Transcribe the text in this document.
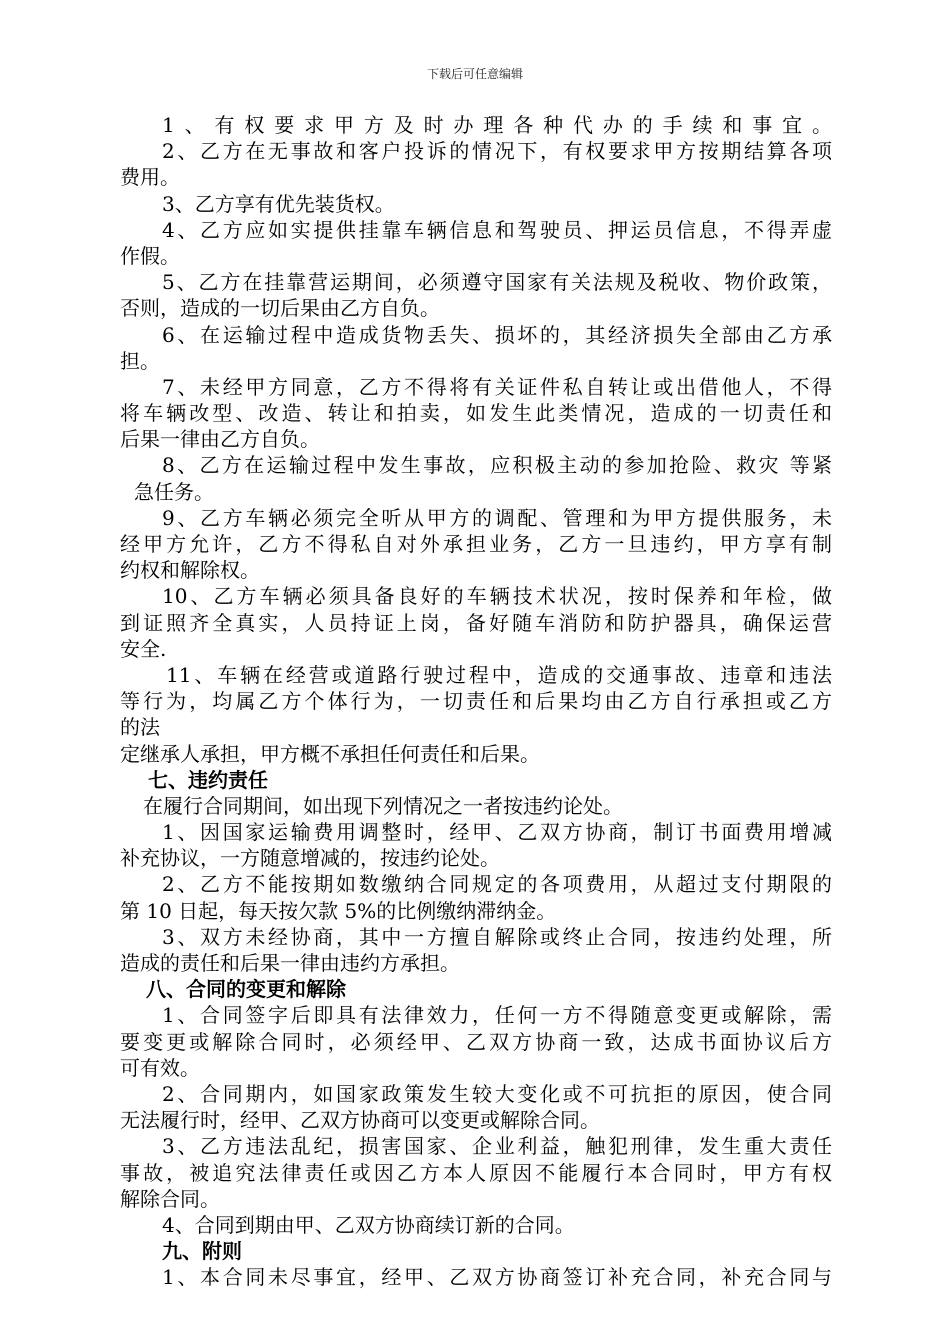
下载后可任意编辑
1、有权要求甲方及时办理各种代办的手续和事宜。
2、乙方在无事故和客户投诉的情况下，有权要求甲方按期结算各项
费用。
3、乙方享有优先装货权。
4、乙方应如实提供挂靠车辆信息和驾驶员、押运员信息，不得弄虚
作假。
5、乙方在挂靠营运期间，必须遵守国家有关法规及税收、物价政策，
否则，造成的一切后果由乙方自负。
6、在运输过程中造成货物丢失、损坏的，其经济损失全部由乙方承
担。
7、未经甲方同意，乙方不得将有关证件私自转让或出借他人，不得
将车辆改型、改造、转让和拍卖，如发生此类情况，造成的一切责任和
后果一律由乙方自负。
8、乙方在运输过程中发生事故，应积极主动的参加抢险、救灾 等紧
急任务。
9、乙方车辆必须完全听从甲方的调配、管理和为甲方提供服务，未
经甲方允许，乙方不得私自对外承担业务，乙方一旦违约，甲方享有制
约权和解除权。
10、乙方车辆必须具备良好的车辆技术状况，按时保养和年检，做
到证照齐全真实，人员持证上岗，备好随车消防和防护器具，确保运营
安全.
11、车辆在经营或道路行驶过程中，造成的交通事故、违章和违法
等行为，均属乙方个体行为，一切责任和后果均由乙方自行承担或乙方
的法
定继承人承担，甲方概不承担任何责任和后果。
七、违约责任
在履行合同期间，如出现下列情况之一者按违约论处。
1、因国家运输费用调整时，经甲、乙双方协商，制订书面费用增减
补充协议，一方随意增减的，按违约论处。
2、乙方不能按期如数缴纳合同规定的各项费用，从超过支付期限的
第 10 日起，每天按欠款 5%的比例缴纳滞纳金。
3、双方未经协商，其中一方擅自解除或终止合同，按违约处理，所
造成的责任和后果一律由违约方承担。
八、合同的变更和解除
1、合同签字后即具有法律效力，任何一方不得随意变更或解除，需
要变更或解除合同时，必须经甲、乙双方协商一致，达成书面协议后方
可有效。
2、合同期内，如国家政策发生较大变化或不可抗拒的原因，使合同
无法履行时，经甲、乙双方协商可以变更或解除合同。
3、乙方违法乱纪，损害国家、企业利益，触犯刑律，发生重大责任
事故，被追究法律责任或因乙方本人原因不能履行本合同时，甲方有权
解除合同。
4、合同到期由甲、乙双方协商续订新的合同。
九、附则
1、本合同未尽事宜，经甲、乙双方协商签订补充合同，补充合同与
